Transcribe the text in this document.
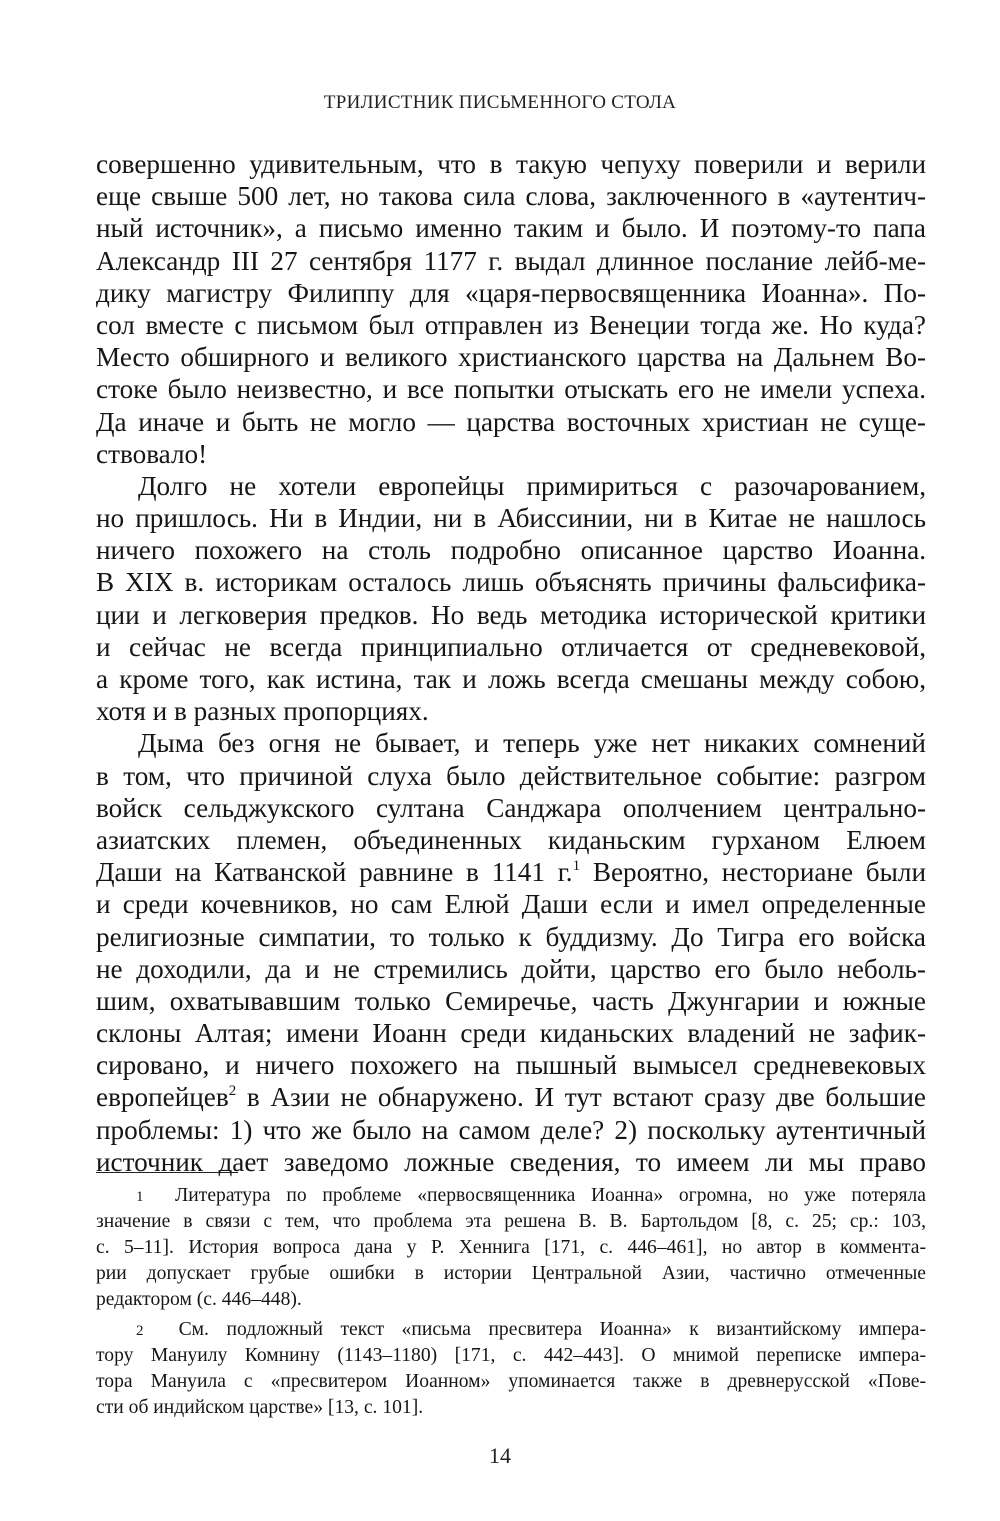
ТРИЛИСТНИК ПИСЬМЕННОГО СТОЛА
совершенно удивительным, что в такую чепуху поверили и верили
еще свыше 500 лет, но такова сила слова, заключенного в «аутентич-
ный источник», а письмо именно таким и было. И поэтому-то папа
Александр III 27 сентября 1177 г. выдал длинное послание лейб-ме-
дику магистру Филиппу для «царя-первосвященника Иоанна». По-
сол вместе с письмом был отправлен из Венеции тогда же. Но куда?
Место обширного и великого христианского царства на Дальнем Во-
стоке было неизвестно, и все попытки отыскать его не имели успеха.
Да иначе и быть не могло — царства восточных христиан не суще-
ствовало!
Долго не хотели европейцы примириться с разочарованием,
но пришлось. Ни в Индии, ни в Абиссинии, ни в Китае не нашлось
ничего похожего на столь подробно описанное царство Иоанна.
В XIX в. историкам осталось лишь объяснять причины фальсифика-
ции и легковерия предков. Но ведь методика исторической критики
и сейчас не всегда принципиально отличается от средневековой,
а кроме того, как истина, так и ложь всегда смешаны между собою,
хотя и в разных пропорциях.
Дыма без огня не бывает, и теперь уже нет никаких сомнений
в том, что причиной слуха было действительное событие: разгром
войск сельджукского султана Санджара ополчением центрально-
азиатских племен, объединенных киданьским гурханом Елюем
Даши на Катванской равнине в 1141 г.$^1$ Вероятно, несториане были
и среди кочевников, но сам Елюй Даши если и имел определенные
религиозные симпатии, то только к буддизму. До Тигра его войска
не доходили, да и не стремились дойти, царство его было неболь-
шим, охватывавшим только Семиречье, часть Джунгарии и южные
склоны Алтая; имени Иоанн среди киданьских владений не зафик-
сировано, и ничего похожего на пышный вымысел средневековых
европейцев$^2$ в Азии не обнаружено. И тут встают сразу две большие
проблемы: 1) что же было на самом деле? 2) поскольку аутентичный
источник дает заведомо ложные сведения, то имеем ли мы право
1 Литература по проблеме «первосвященника Иоанна» огромна, но уже потеряла
значение в связи с тем, что проблема эта решена В. В. Бартольдом [8, с. 25; ср.: 103,
с. 5–11]. История вопроса дана у Р. Хеннига [171, с. 446–461], но автор в коммента-
рии допускает грубые ошибки в истории Центральной Азии, частично отмеченные
редактором (с. 446–448).
2 См. подложный текст «письма пресвитера Иоанна» к византийскому импера-
тору Мануилу Комнину (1143–1180) [171, с. 442–443]. О мнимой переписке импера-
тора Мануила с «пресвитером Иоанном» упоминается также в древнерусской «Пове-
сти об индийском царстве» [13, с. 101].
14
